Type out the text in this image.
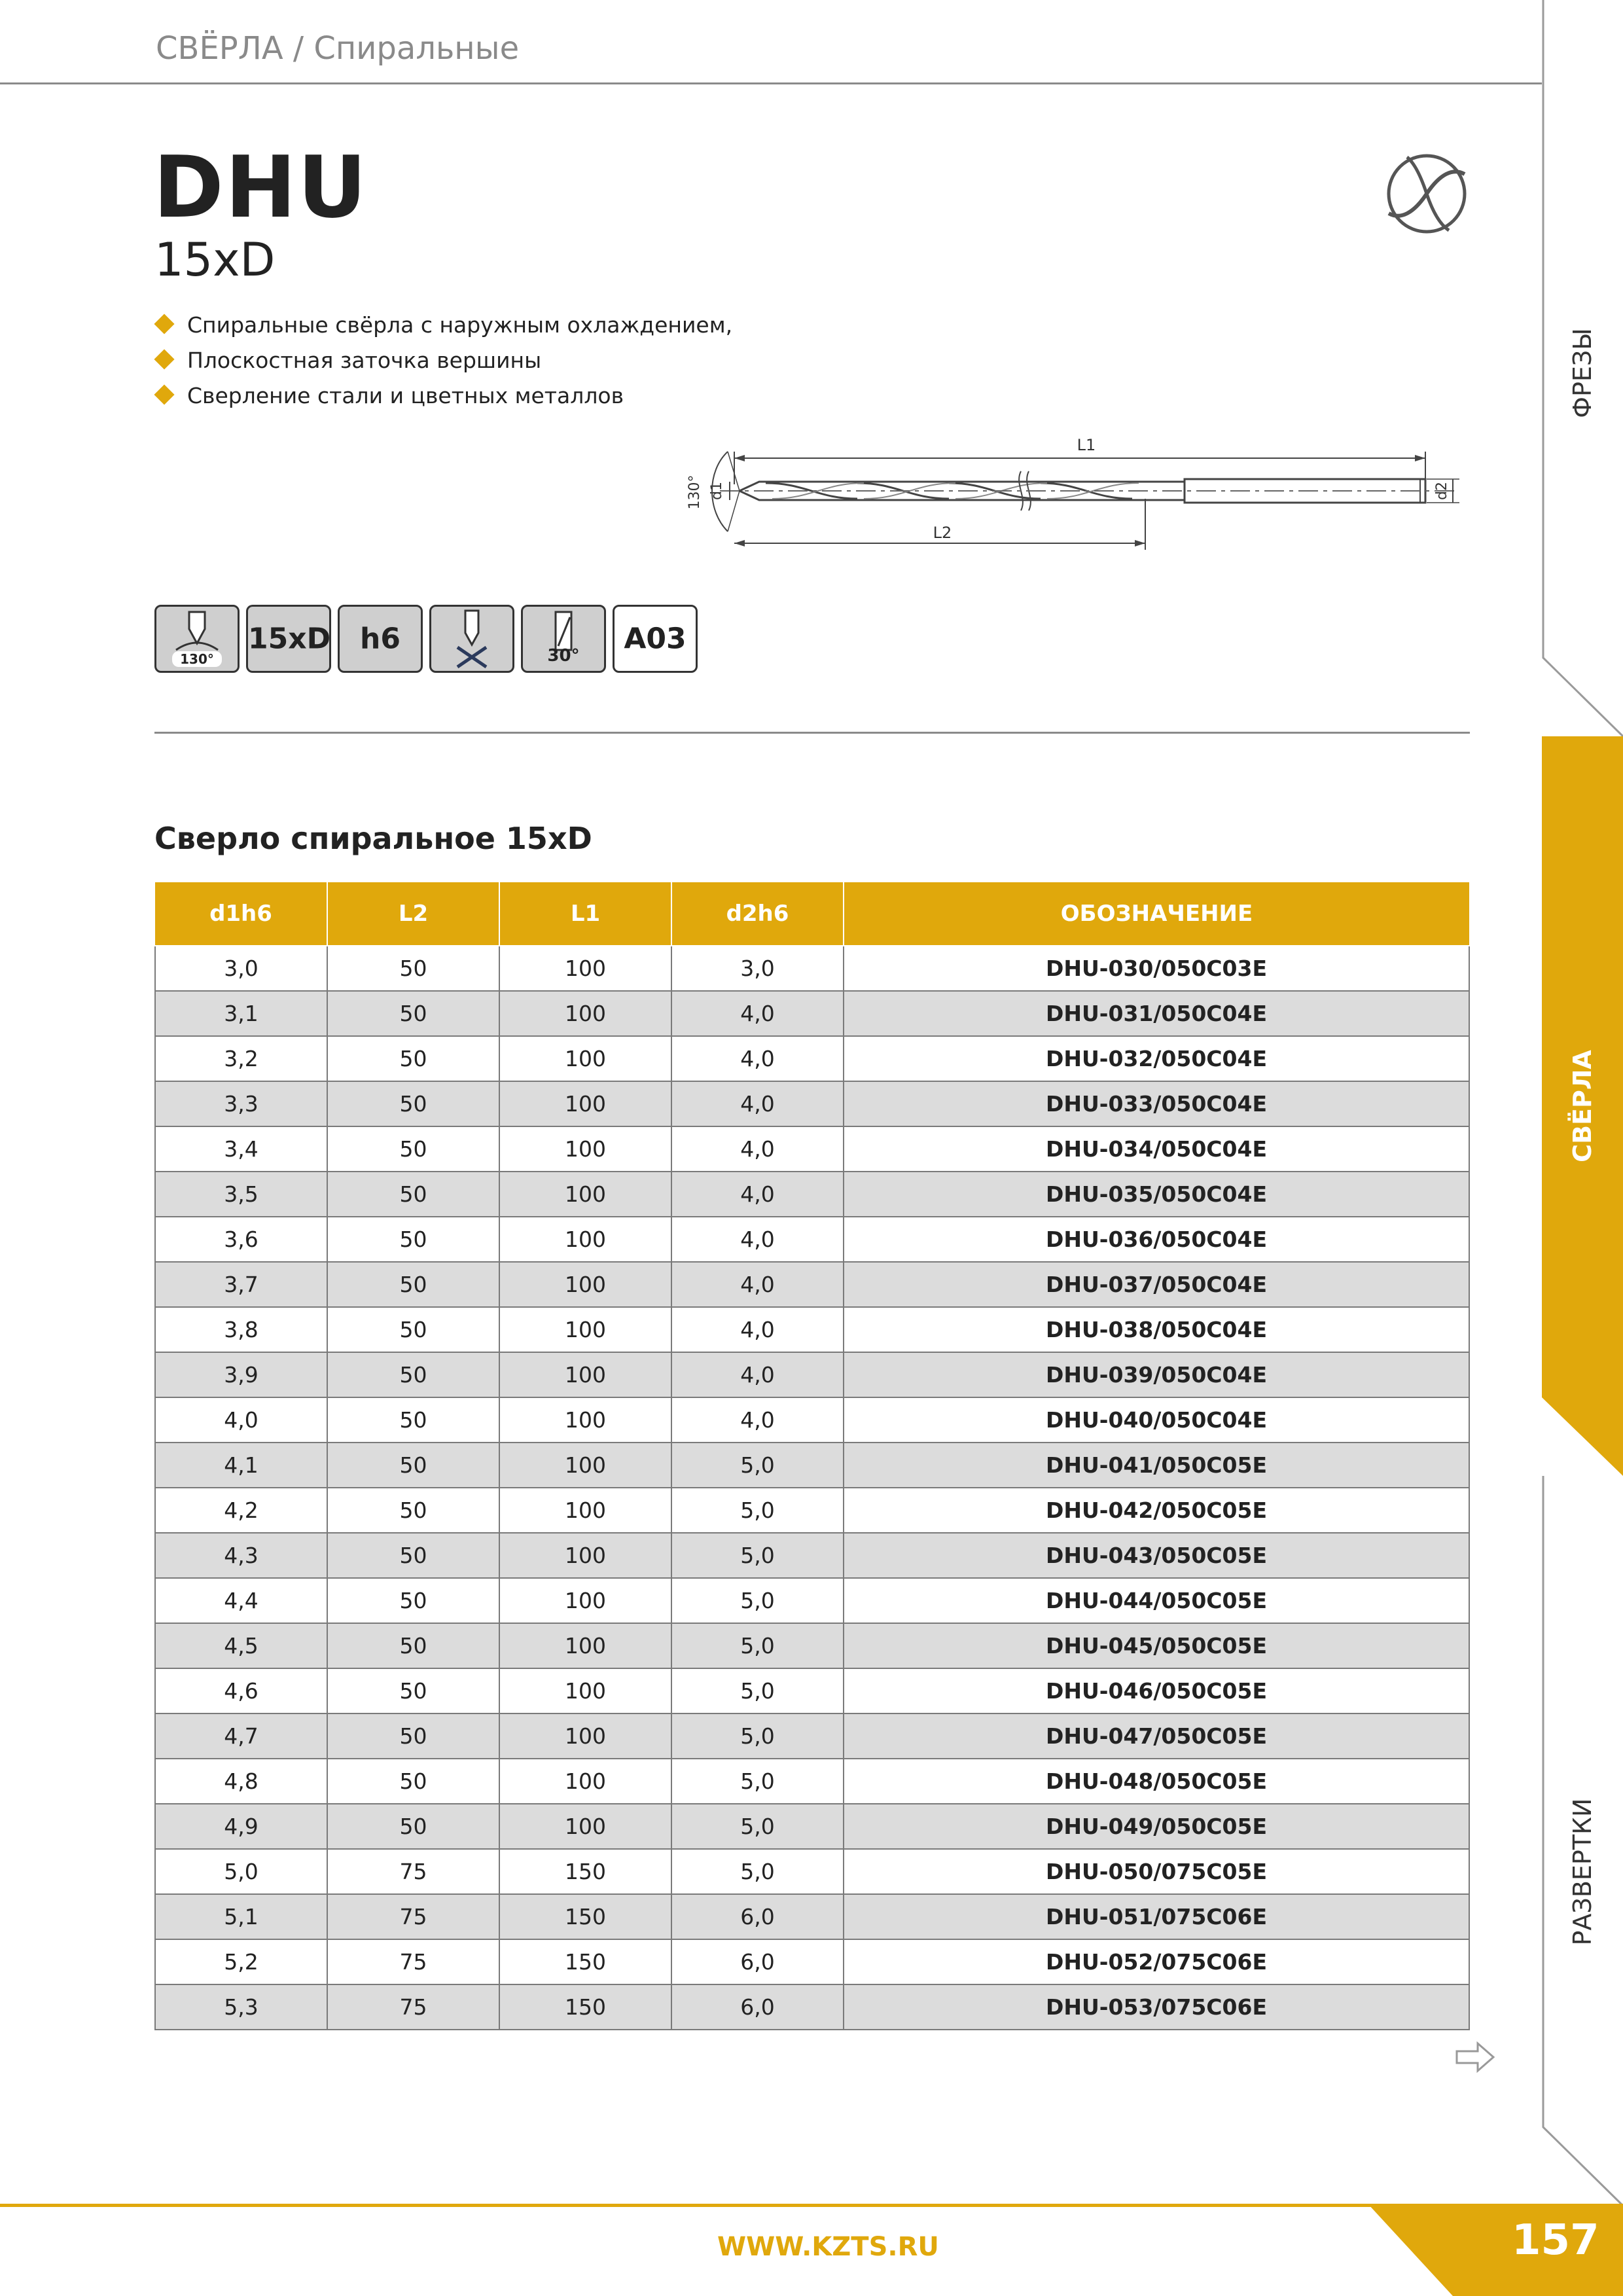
СВЁРЛА / Спиральные
ФРЕЗЫ
СВЁРЛА
РАЗВЕРТКИ
DHU
15xD
Спиральные свёрла с наружным охлаждением,
Плоскостная заточка вершины
Сверление стали и цветных металлов
L1
L2
d2
d1
130°
130°
15xD	h6
30°
A03
Сверло спиральное 15xD
d1h6	L2	L1	d2h6	ОБОЗНАЧЕНИЕ
3,0	50	100	3,0	DHU-030/050C03E
3,1	50	100	4,0	DHU-031/050C04E
3,2	50	100	4,0	DHU-032/050C04E
3,3	50	100	4,0	DHU-033/050C04E
3,4	50	100	4,0	DHU-034/050C04E
3,5	50	100	4,0	DHU-035/050C04E
3,6	50	100	4,0	DHU-036/050C04E
3,7	50	100	4,0	DHU-037/050C04E
3,8	50	100	4,0	DHU-038/050C04E
3,9	50	100	4,0	DHU-039/050C04E
4,0	50	100	4,0	DHU-040/050C04E
4,1	50	100	5,0	DHU-041/050C05E
4,2	50	100	5,0	DHU-042/050C05E
4,3	50	100	5,0	DHU-043/050C05E
4,4	50	100	5,0	DHU-044/050C05E
4,5	50	100	5,0	DHU-045/050C05E
4,6	50	100	5,0	DHU-046/050C05E
4,7	50	100	5,0	DHU-047/050C05E
4,8	50	100	5,0	DHU-048/050C05E
4,9	50	100	5,0	DHU-049/050C05E
5,0	75	150	5,0	DHU-050/075C05E
5,1	75	150	6,0	DHU-051/075C06E
5,2	75	150	6,0	DHU-052/075C06E
5,3	75	150	6,0	DHU-053/075C06E
WWW.KZTS.RU	157
